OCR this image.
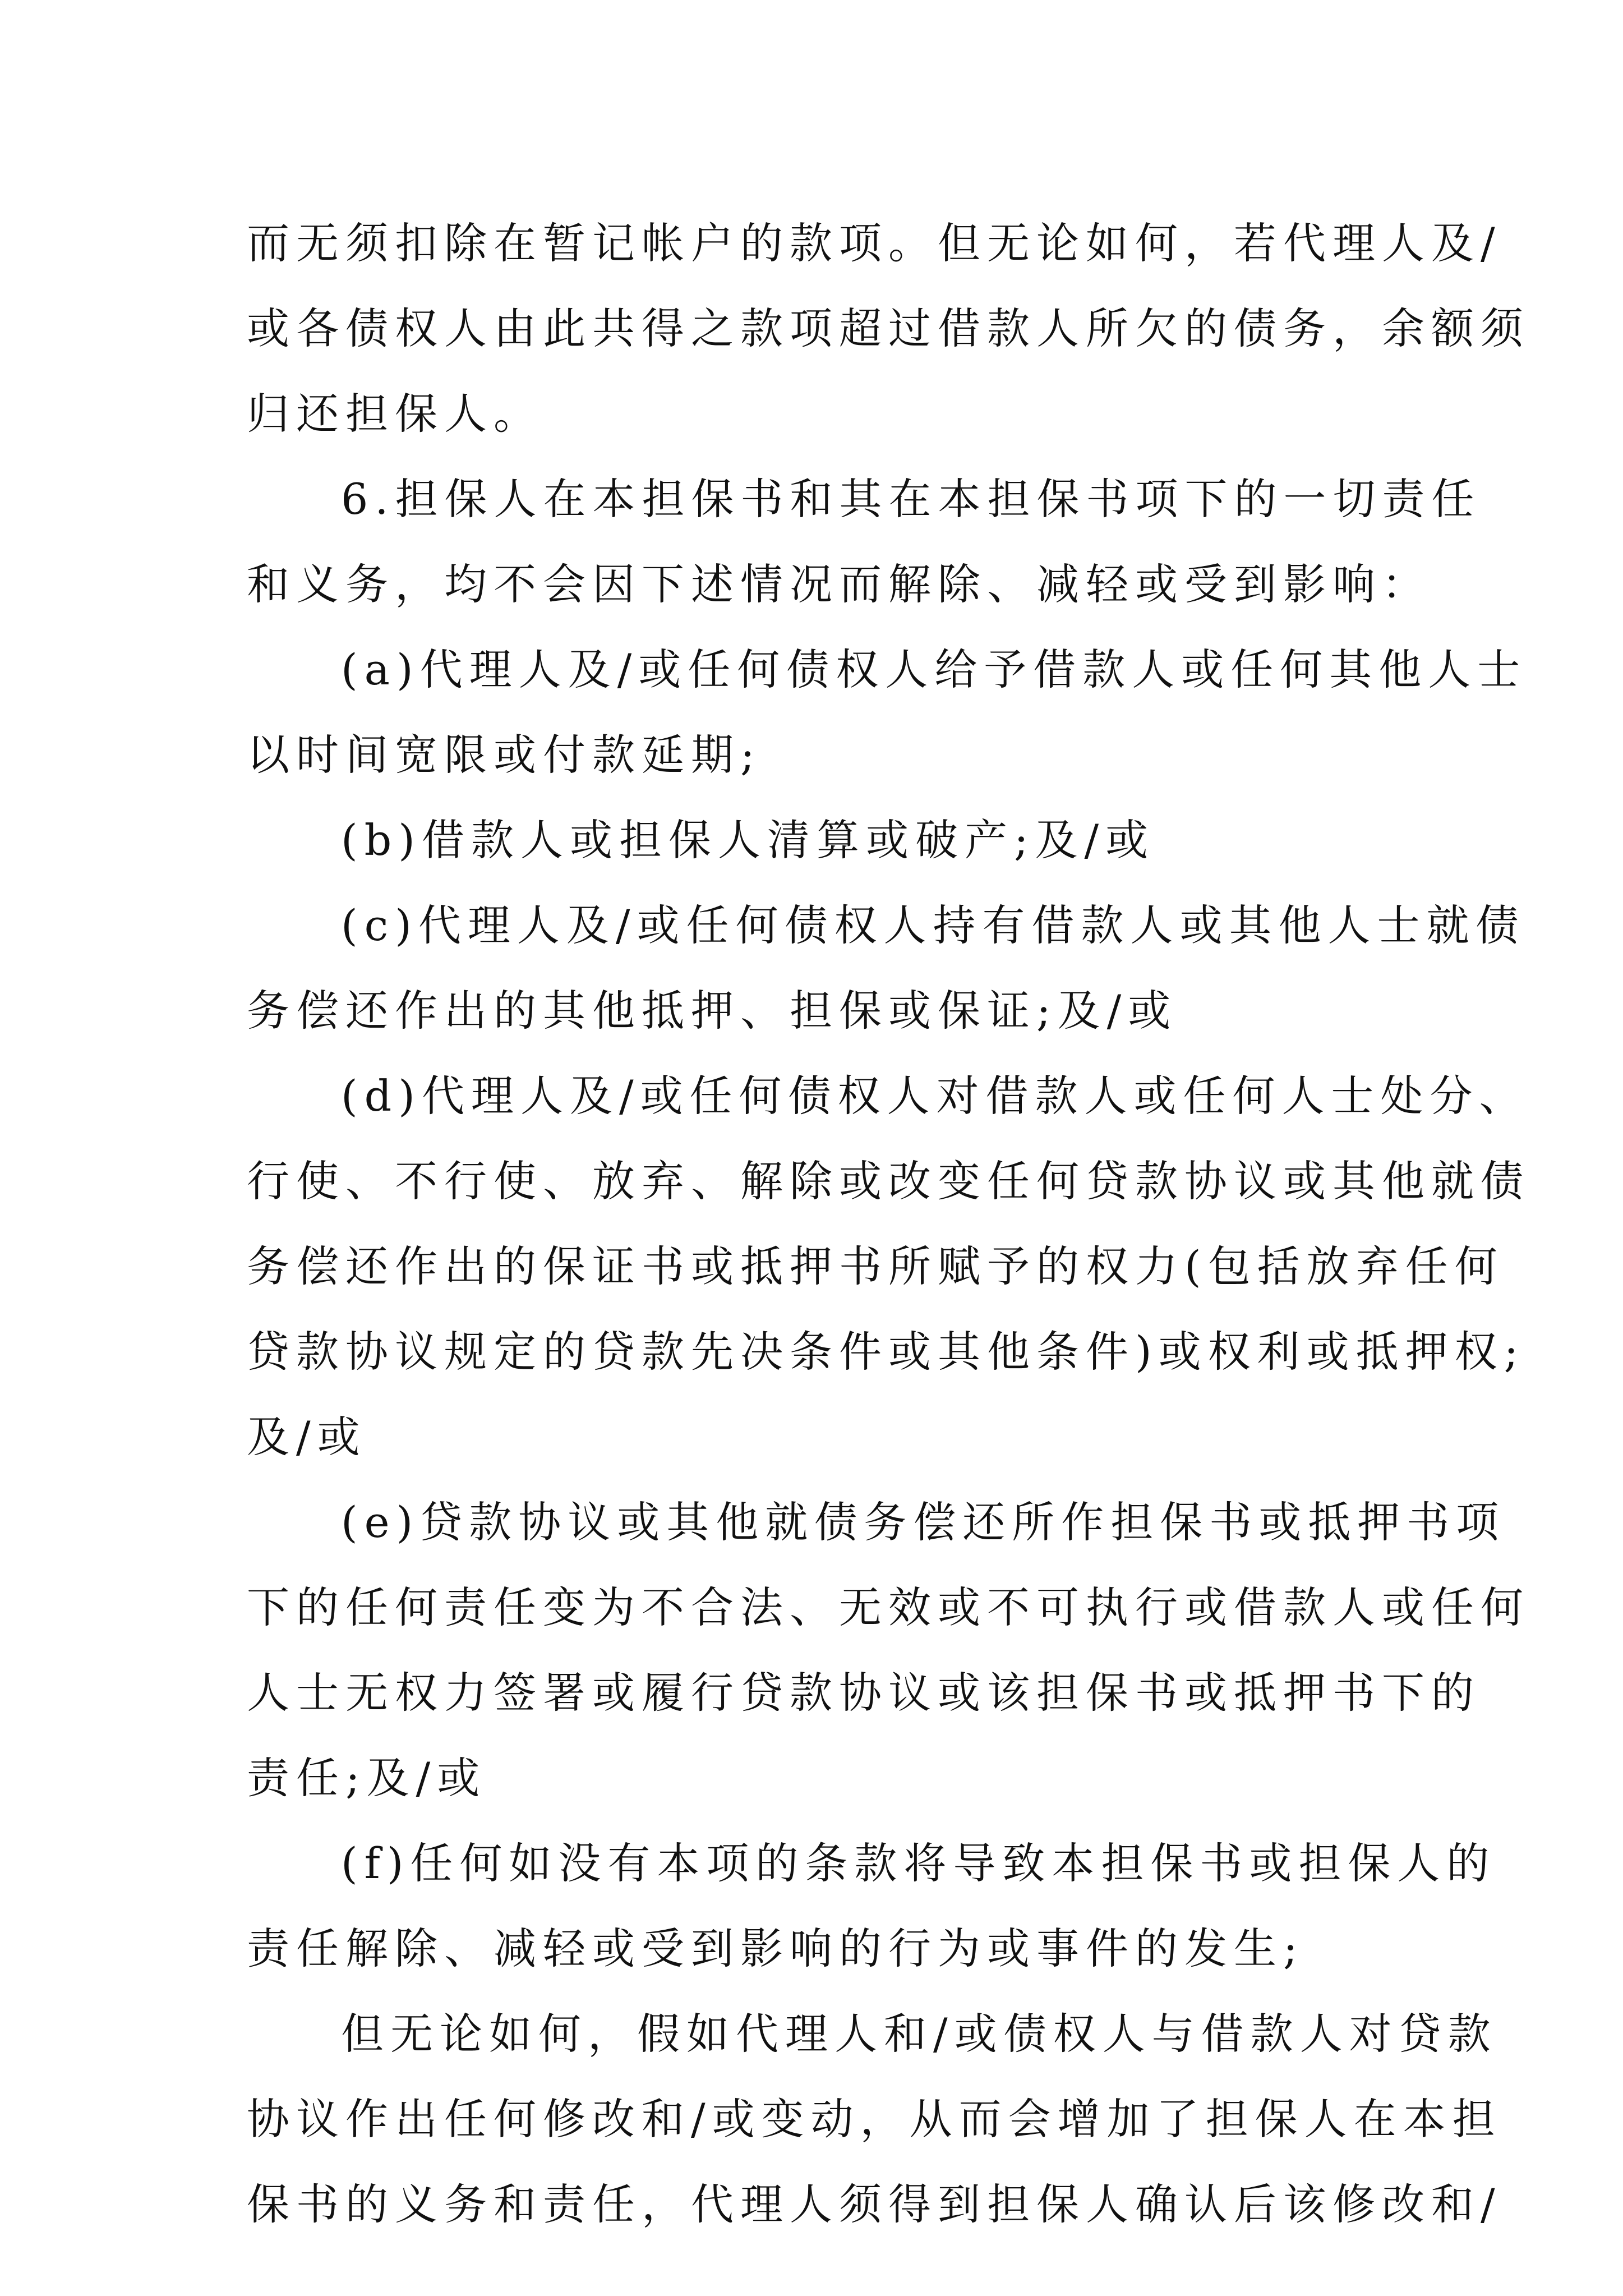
而无须扣除在暂记帐户的款项。但无论如何，若代理人及/
或各债权人由此共得之款项超过借款人所欠的债务，余额须
归还担保人。

6.担保人在本担保书和其在本担保书项下的一切责任
和义务，均不会因下述情况而解除、减轻或受到影响：

(a)代理人及/或任何债权人给予借款人或任何其他人士
以时间宽限或付款延期;

(b)借款人或担保人清算或破产;及/或

(c)代理人及/或任何债权人持有借款人或其他人士就债
务偿还作出的其他抵押、担保或保证;及/或

(d)代理人及/或任何债权人对借款人或任何人士处分、
行使、不行使、放弃、解除或改变任何贷款协议或其他就债
务偿还作出的保证书或抵押书所赋予的权力(包括放弃任何
贷款协议规定的贷款先决条件或其他条件)或权利或抵押权;
及/或

(e)贷款协议或其他就债务偿还所作担保书或抵押书项
下的任何责任变为不合法、无效或不可执行或借款人或任何
人士无权力签署或履行贷款协议或该担保书或抵押书下的
责任;及/或

(f)任何如没有本项的条款将导致本担保书或担保人的
责任解除、减轻或受到影响的行为或事件的发生;

但无论如何，假如代理人和/或债权人与借款人对贷款
协议作出任何修改和/或变动，从而会增加了担保人在本担
保书的义务和责任，代理人须得到担保人确认后该修改和/
